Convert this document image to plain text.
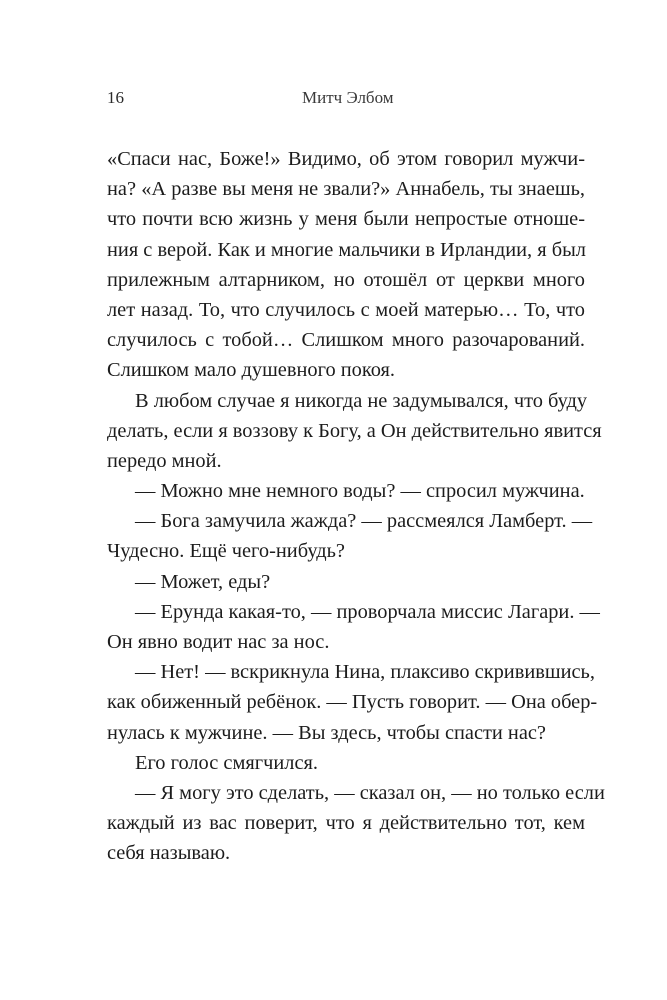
16	Митч Элбом
«Спаси нас, Боже!» Видимо, об этом говорил мужчи-
на? «А разве вы меня не звали?» Аннабель, ты знаешь,
что почти всю жизнь у меня были непростые отноше-
ния с верой. Как и многие мальчики в Ирландии, я был
прилежным алтарником, но отошёл от церкви много
лет назад. То, что случилось с моей матерью… То, что
случилось с тобой… Слишком много разочарований.
Слишком мало душевного покоя.
В любом случае я никогда не задумывался, что буду
делать, если я воззову к Богу, а Он действительно явится
передо мной.
— Можно мне немного воды? — спросил мужчина.
— Бога замучила жажда? — рассмеялся Ламберт. —
Чудесно. Ещё чего-нибудь?
— Может, еды?
— Ерунда какая-то, — проворчала миссис Лагари. —
Он явно водит нас за нос.
— Нет! — вскрикнула Нина, плаксиво скривившись,
как обиженный ребёнок. — Пусть говорит. — Она обер-
нулась к мужчине. — Вы здесь, чтобы спасти нас?
Его голос смягчился.
— Я могу это сделать, — сказал он, — но только если
каждый из вас поверит, что я действительно тот, кем
себя называю.
